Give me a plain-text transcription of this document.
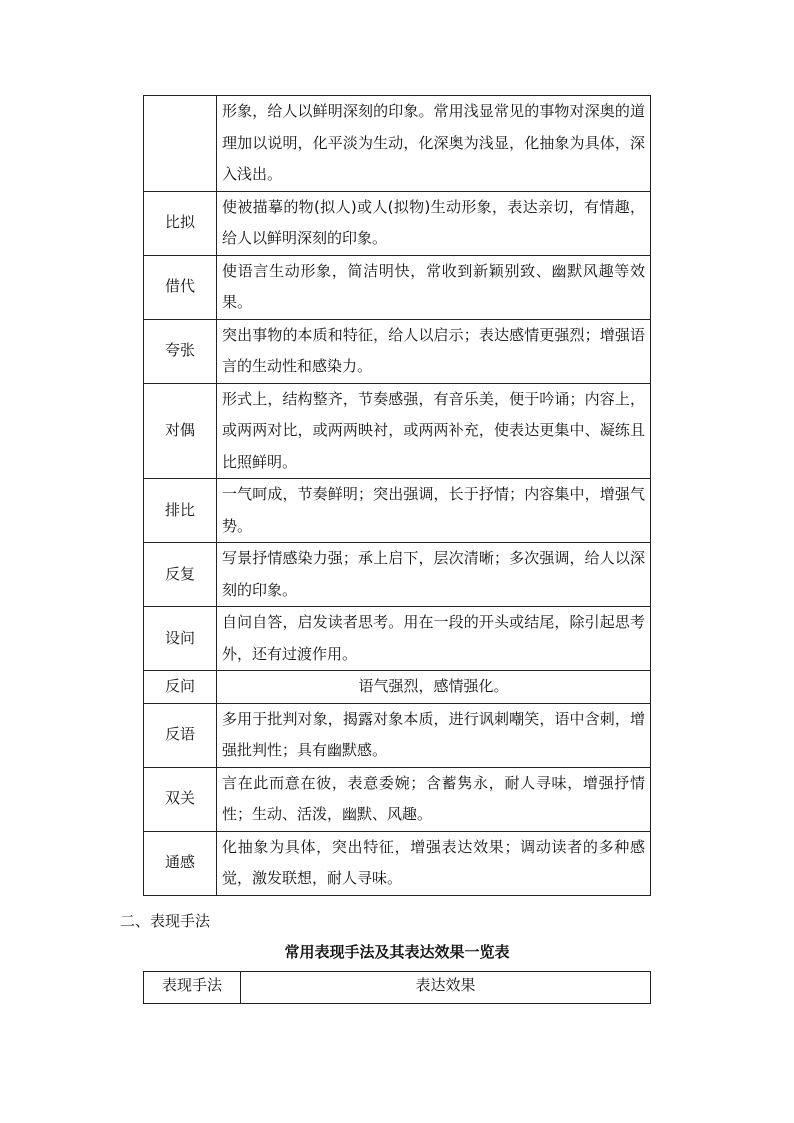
	形象，给人以鲜明深刻的印象。常用浅显常见的事物对深奥的道理加以说明，化平淡为生动，化深奥为浅显，化抽象为具体，深入浅出。
比拟	使被描摹的物(拟人)或人(拟物)生动形象，表达亲切，有情趣，给人以鲜明深刻的印象。
借代	使语言生动形象，简洁明快，常收到新颖别致、幽默风趣等效果。
夸张	突出事物的本质和特征，给人以启示；表达感情更强烈；增强语言的生动性和感染力。
对偶	形式上，结构整齐，节奏感强，有音乐美，便于吟诵；内容上，或两两对比，或两两映衬，或两两补充，使表达更集中、凝练且比照鲜明。
排比	一气呵成，节奏鲜明；突出强调，长于抒情；内容集中，增强气势。
反复	写景抒情感染力强；承上启下，层次清晰；多次强调，给人以深刻的印象。
设问	自问自答，启发读者思考。用在一段的开头或结尾，除引起思考外，还有过渡作用。
反问	语气强烈，感情强化。
反语	多用于批判对象，揭露对象本质，进行讽刺嘲笑，语中含刺，增强批判性；具有幽默感。
双关	言在此而意在彼，表意委婉；含蓄隽永，耐人寻味，增强抒情性；生动、活泼，幽默、风趣。
通感	化抽象为具体，突出特征，增强表达效果；调动读者的多种感觉，激发联想，耐人寻味。
二、表现手法
常用表现手法及其表达效果一览表
表现手法	表达效果
